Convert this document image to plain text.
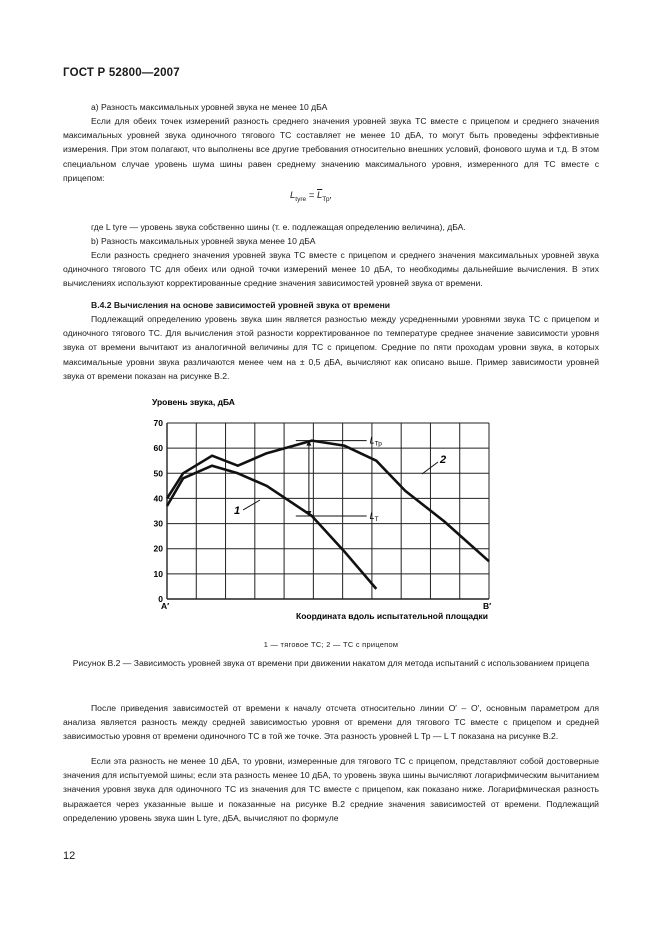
ГОСТ Р 52800—2007
а) Разность максимальных уровней звука не менее 10 дБА
Если для обеих точек измерений разность среднего значения уровней звука ТС вместе с прицепом и среднего значения максимальных уровней звука одиночного тягового ТС составляет не менее 10 дБА, то могут быть проведены эффективные измерения. При этом полагают, что выполнены все другие требования относительно внешних условий, фонового шума и т.д. В этом специальном случае уровень шума шины равен среднему значению максимального уровня, измеренного для ТС вместе с прицепом:
$L_{tyre} = \overline{L}_{Тр}$,
где L tyre — уровень звука собственно шины (т. е. подлежащая определению величина), дБА.
b) Разность максимальных уровней звука менее 10 дБА
Если разность среднего значения уровней звука ТС вместе с прицепом и среднего значения максимальных уровней звука одиночного тягового ТС для обеих или одной точки измерений менее 10 дБА, то необходимы дальнейшие вычисления. В этих вычислениях используют корректированные средние значения зависимостей уровней звука от времени.
В.4.2 Вычисления на основе зависимостей уровней звука от времени
Подлежащий определению уровень звука шин является разностью между усредненными уровнями звука ТС с прицепом и одиночного тягового ТС. Для вычисления этой разности корректированное по температуре среднее значение зависимости уровня звука от времени вычитают из аналогичной величины для ТС с прицепом. Средние по пяти проходам уровни звука, в которых максимальные уровни звука различаются менее чем на ± 0,5 дБА, вычисляют как описано выше. Пример зависимости уровней звука от времени показан на рисунке В.2.
0
10
20
30
40
50
60
70
1
2
$L_{Тр}$
$L_Т$
Уровень звука, дБА
Координата вдоль испытательной площадки
A′	B′
1 — тяговое ТС; 2 — ТС с прицепом
Рисунок В.2 — Зависимость уровней звука от времени при движении накатом для метода испытаний с использованием прицепа
После приведения зависимостей от времени к началу отсчета относительно линии O′ – O′, основным параметром для анализа является разность между средней зависимостью уровня от времени для тягового ТС вместе с прицепом и средней зависимостью уровня от времени одиночного ТС в той же точке. Эта разность уровней L Тр — L Т показана на рисунке В.2.
Если эта разность не менее 10 дБА, то уровни, измеренные для тягового ТС с прицепом, представляют собой достоверные значения для испытуемой шины; если эта разность менее 10 дБА, то уровень звука шины вычисляют логарифмическим вычитанием значения уровня звука для одиночного ТС из значения для ТС вместе с прицепом, как показано ниже. Логарифмическая разность выражается через указанные выше и показанные на рисунке В.2 средние значения зависимостей от времени. Подлежащий определению уровень звука шин L tyre, дБА, вычисляют по формуле
12
